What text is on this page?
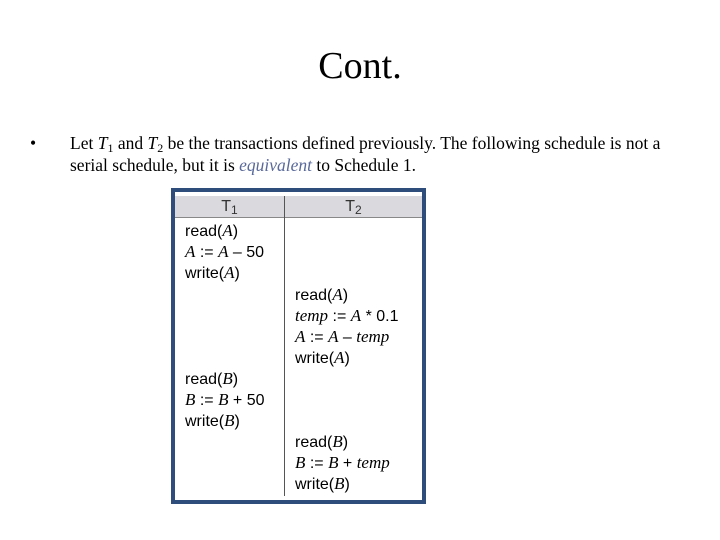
Cont.
• Let $T_1$ and $T_2$ be the transactions defined previously. The following schedule is not a serial schedule, but it is equivalent to Schedule 1.
$T_1$	$T_2$
read(A)
A := A – 50
write(A)
read(A)
temp := A * 0.1
A := A – temp
write(A)
read(B)
B := B + 50
write(B)
read(B)
B := B + temp
write(B)
